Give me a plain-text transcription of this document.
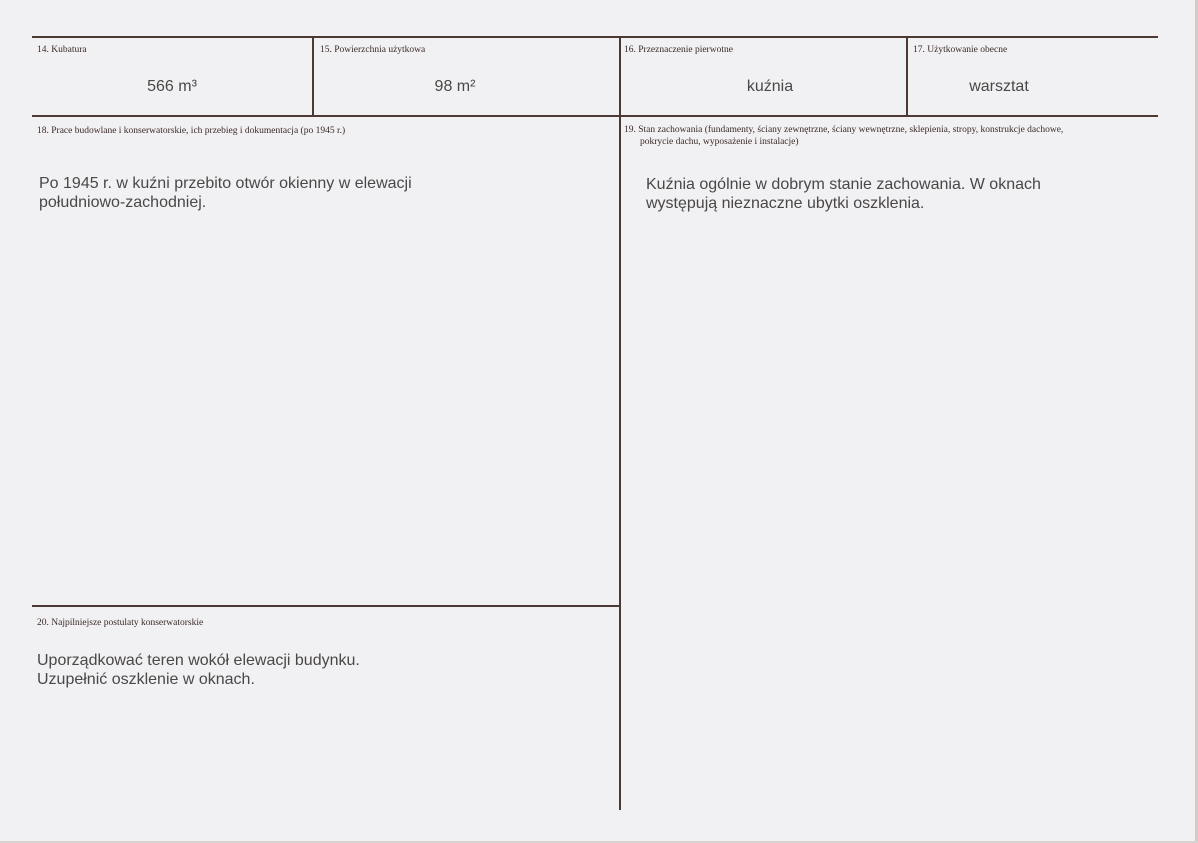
14. Kubatura
566 m³
15. Powierzchnia użytkowa
98 m²
16. Przeznaczenie pierwotne
kuźnia
17. Użytkowanie obecne
warsztat
18. Prace budowlane i konserwatorskie, ich przebieg i dokumentacja (po 1945 r.)
Po 1945 r. w kuźni przebito otwór okienny w elewacji
południowo-zachodniej.
19. Stan zachowania (fundamenty, ściany zewnętrzne, ściany wewnętrzne, sklepienia, stropy, konstrukcje dachowe,
pokrycie dachu, wyposażenie i instalacje)
Kuźnia ogólnie w dobrym stanie zachowania. W oknach
występują nieznaczne ubytki oszklenia.
20. Najpilniejsze postulaty konserwatorskie
Uporządkować teren wokół elewacji budynku.
Uzupełnić oszklenie w oknach.
